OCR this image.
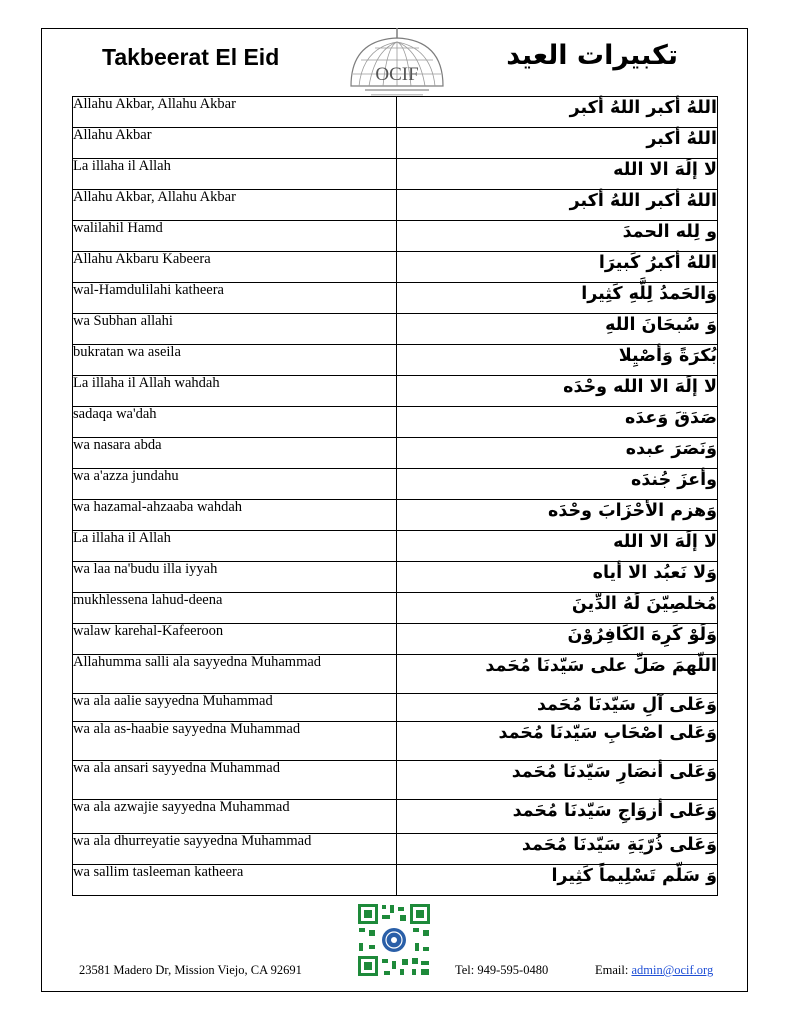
Takbeerat El Eid
OCIF
تكبيرات العيد
Allahu Akbar, Allahu Akbar	اللهُ أكبر اللهُ أكبر
Allahu Akbar	اللهُ أكبر
La illaha il Allah	لا إلَهَ الا الله
Allahu Akbar, Allahu Akbar	اللهُ أكبر اللهُ أكبر
walilahil Hamd	و لِله الحمدَ
Allahu Akbaru Kabeera	اللهُ أكبرُ كَبيرَا
wal-Hamdulilahi katheera	وَالحَمدُ لِلَّهِ كَثِيرا
wa Subhan allahi	وَ سُبحَانَ اللهِ
bukratan wa aseila	بُكرَةً وَأصْيِلا
La illaha il Allah wahdah	لا إلَهَ الا الله وحْدَه
sadaqa wa'dah	صَدَقَ وَعدَه
wa nasara abda	وَنَصَرَ عبده
wa a'azza jundahu	وأعزَ جُندَه
wa hazamal-ahzaaba wahdah	وَهزم الأحْزَابَ وحْدَه
La illaha il Allah	لا إلَهَ الا الله
wa laa na'budu illa iyyah	وَلا نَعبُد الا أياه
mukhlessena lahud-deena	مُخلصِيّنَ لَهُ الدِّينَ
walaw karehal-Kafeeroon	وَلَوْ كَرِهَ الكَافِرُوْنَ
Allahumma salli ala sayyedna Muhammad	اللّهمَ صَلِّ على سَيّدنَا مُحَمد
wa ala aalie sayyedna Muhammad	وَعَلى آلِ سَيّدنَا مُحَمد
wa ala as-haabie sayyedna Muhammad	وَعَلى اصْحَابِ سَيّدنَا مُحَمد
wa ala ansari sayyedna Muhammad	وَعَلى أنصَارِ سَيّدنَا مُحَمد
wa ala azwajie sayyedna Muhammad	وَعَلى أزوَاجِ سَيّدنَا مُحَمد
wa ala dhurreyatie sayyedna Muhammad	وَعَلى ذُرّيَةِ سَيّدنَا مُحَمد
wa sallim tasleeman katheera	وَ سَلّم تَسْلِيماً كَثِيرا
23581 Madero Dr, Mission Viejo, CA 92691	Tel: 949-595-0480	Email: admin@ocif.org
